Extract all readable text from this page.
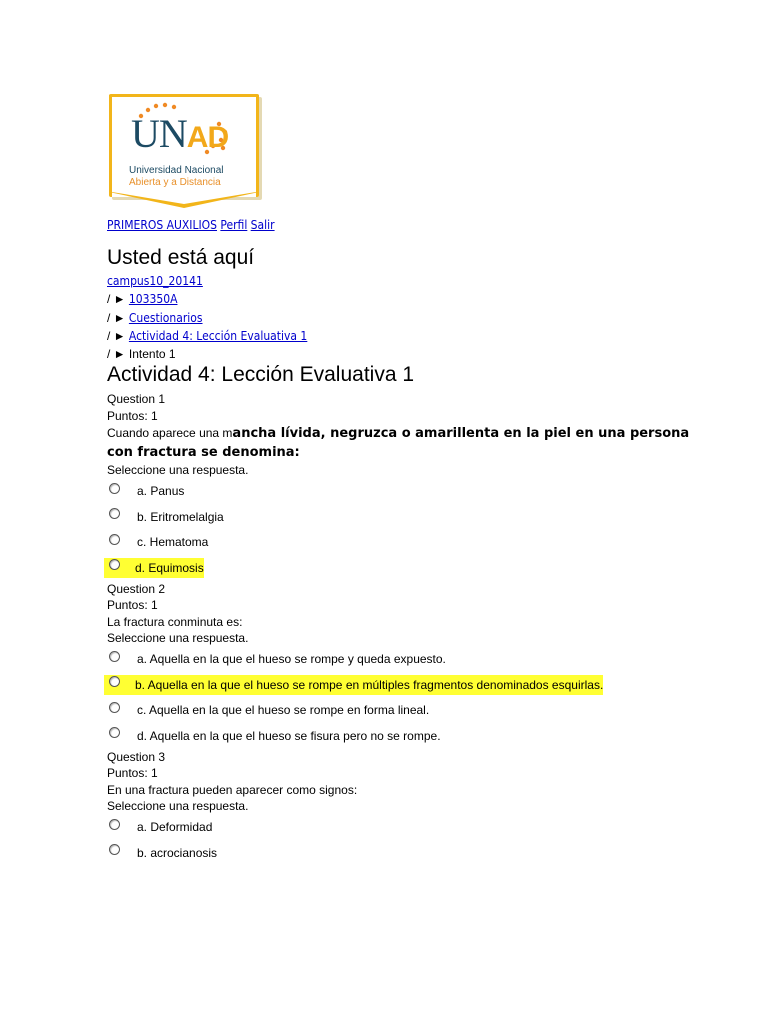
UNAD
Universidad Nacional
Abierta y a Distancia
PRIMEROS AUXILIOS Perfil Salir
Usted está aquí
campus10_20141
/ ► 103350A
/ ► Cuestionarios
/ ► Actividad 4: Lección Evaluativa 1
/ ► Intento 1
Actividad 4: Lección Evaluativa 1
Question 1
Puntos: 1
Cuando aparece una mancha lívida, negruzca o amarillenta en la piel en una persona con fractura se denomina:
Seleccione una respuesta.
a. Panus
b. Eritromelalgia
c. Hematoma
d. Equimosis
Question 2
Puntos: 1
La fractura conminuta es:
Seleccione una respuesta.
a. Aquella en la que el hueso se rompe y queda expuesto.
b. Aquella en la que el hueso se rompe en múltiples fragmentos denominados esquirlas.
c. Aquella en la que el hueso se rompe en forma lineal.
d. Aquella en la que el hueso se fisura pero no se rompe.
Question 3
Puntos: 1
En una fractura pueden aparecer como signos:
Seleccione una respuesta.
a. Deformidad
b. acrocianosis
